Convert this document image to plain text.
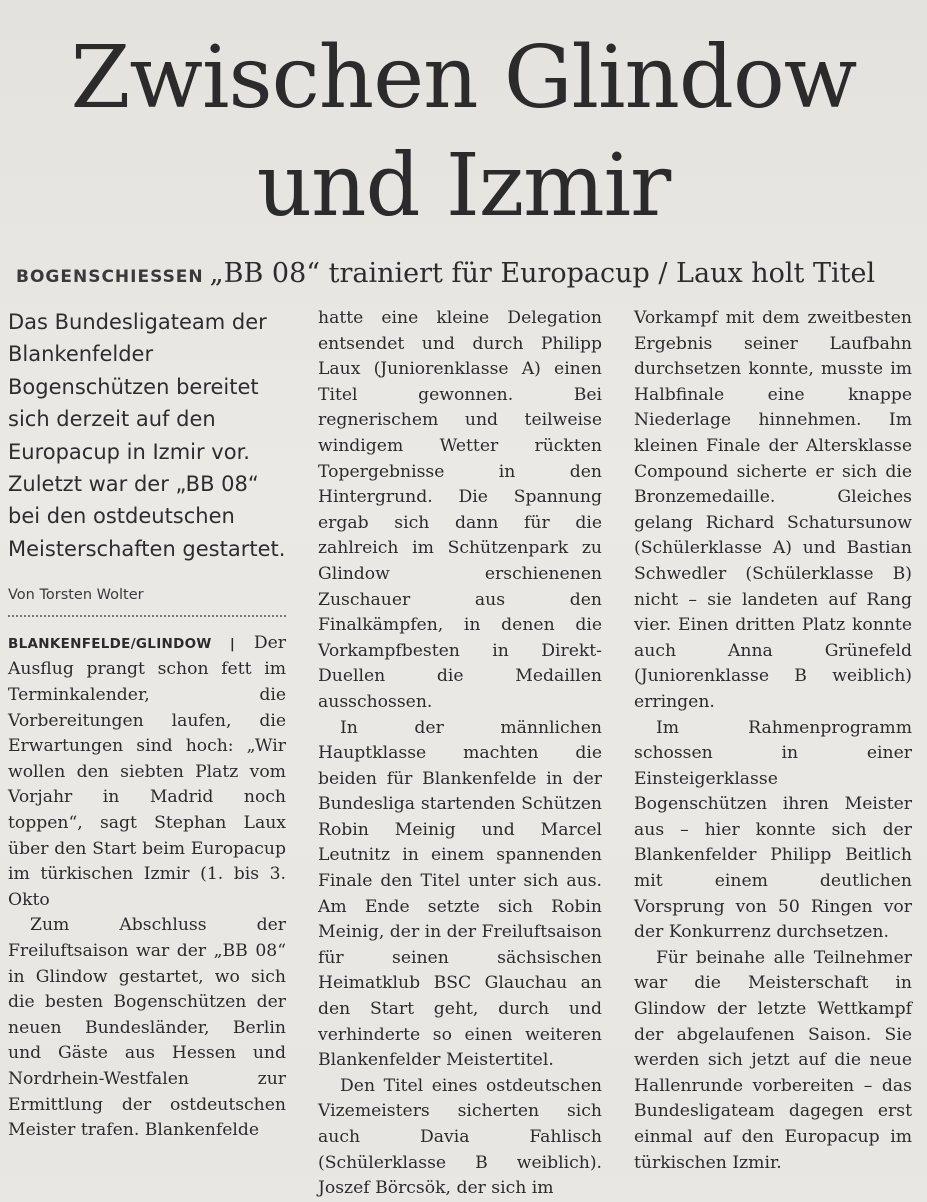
Zwischen Glindow
und Izmir
BOGENSCHIESSEN „BB 08“ trainiert für Europacup / Laux holt Titel

Das Bundesligateam der Blankenfelder Bogenschützen bereitet sich derzeit auf den Europacup in Izmir vor. Zuletzt war der „BB 08“ bei den ostdeutschen Meisterschaften gestartet.

Von Torsten Wolter

BLANKENFELDE/GLINDOW | Der Ausflug prangt schon fett im Terminkalender, die Vorbereitungen laufen, die Erwartungen sind hoch: „Wir wollen den siebten Platz vom Vorjahr in Madrid noch toppen“, sagt Stephan Laux über den Start beim Europacup im türkischen Izmir (1. bis 3. Okto

Zum Abschluss der Freiluftsaison war der „BB 08“ in Glindow gestartet, wo sich die besten Bogenschützen der neuen Bundesländer, Berlin und Gäste aus Hessen und Nordrhein-Westfalen zur Ermittlung der ostdeutschen Meister trafen. Blankenfelde

hatte eine kleine Delegation entsendet und durch Philipp Laux (Juniorenklasse A) einen Titel gewonnen. Bei regnerischem und teilweise windigem Wetter rückten Topergebnisse in den Hintergrund. Die Spannung ergab sich dann für die zahlreich im Schützenpark zu Glindow erschienenen Zuschauer aus den Finalkämpfen, in denen die Vorkampfbesten in Direkt-Duellen die Medaillen ausschossen.

In der männlichen Hauptklasse machten die beiden für Blankenfelde in der Bundesliga startenden Schützen Robin Meinig und Marcel Leutnitz in einem spannenden Finale den Titel unter sich aus. Am Ende setzte sich Robin Meinig, der in der Freiluftsaison für seinen sächsischen Heimatklub BSC Glauchau an den Start geht, durch und verhinderte so einen weiteren Blankenfelder Meistertitel.

Den Titel eines ostdeutschen Vizemeisters sicherten sich auch Davia Fahlisch (Schülerklasse B weiblich). Joszef Börcsök, der sich im

Vorkampf mit dem zweitbesten Ergebnis seiner Laufbahn durchsetzen konnte, musste im Halbfinale eine knappe Niederlage hinnehmen. Im kleinen Finale der Altersklasse Compound sicherte er sich die Bronzemedaille. Gleiches gelang Richard Schatursunow (Schülerklasse A) und Bastian Schwedler (Schülerklasse B) nicht – sie landeten auf Rang vier. Einen dritten Platz konnte auch Anna Grünefeld (Juniorenklasse B weiblich) erringen.

Im Rahmenprogramm schossen in einer Einsteigerklasse Bogenschützen ihren Meister aus – hier konnte sich der Blankenfelder Philipp Beitlich mit einem deutlichen Vorsprung von 50 Ringen vor der Konkurrenz durchsetzen.

Für beinahe alle Teilnehmer war die Meisterschaft in Glindow der letzte Wettkampf der abgelaufenen Saison. Sie werden sich jetzt auf die neue Hallenrunde vorbereiten – das Bundesligateam dagegen erst einmal auf den Europacup im türkischen Izmir.
